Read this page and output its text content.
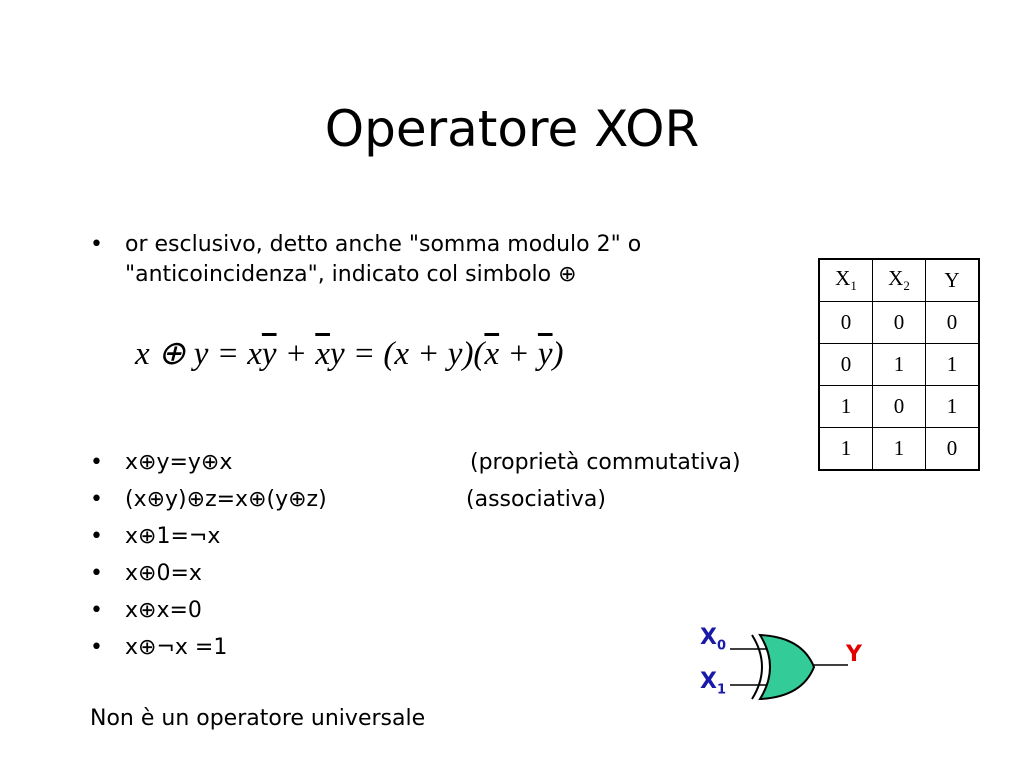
Operatore XOR
• or esclusivo, detto anche "somma modulo 2" o
"anticoincidenza", indicato col simbolo ⊕
x ⊕ $y = x\overline{y} + \overline{x}y = (x + y)(\overline{x} + \overline{y})$
• x⊕y=y⊕x	(proprietà commutativa)
• (x⊕y)⊕z=x⊕(y⊕z)	(associativa)
• x⊕1=¬x
• x⊕0=x
• x⊕x=0
• x⊕¬x =1
Non è un operatore universale
$X_1$	$X_2$	Y
0	0	0
0	1	1
1	0	1
1	1	0
$X_0$
$X_1$
Y
